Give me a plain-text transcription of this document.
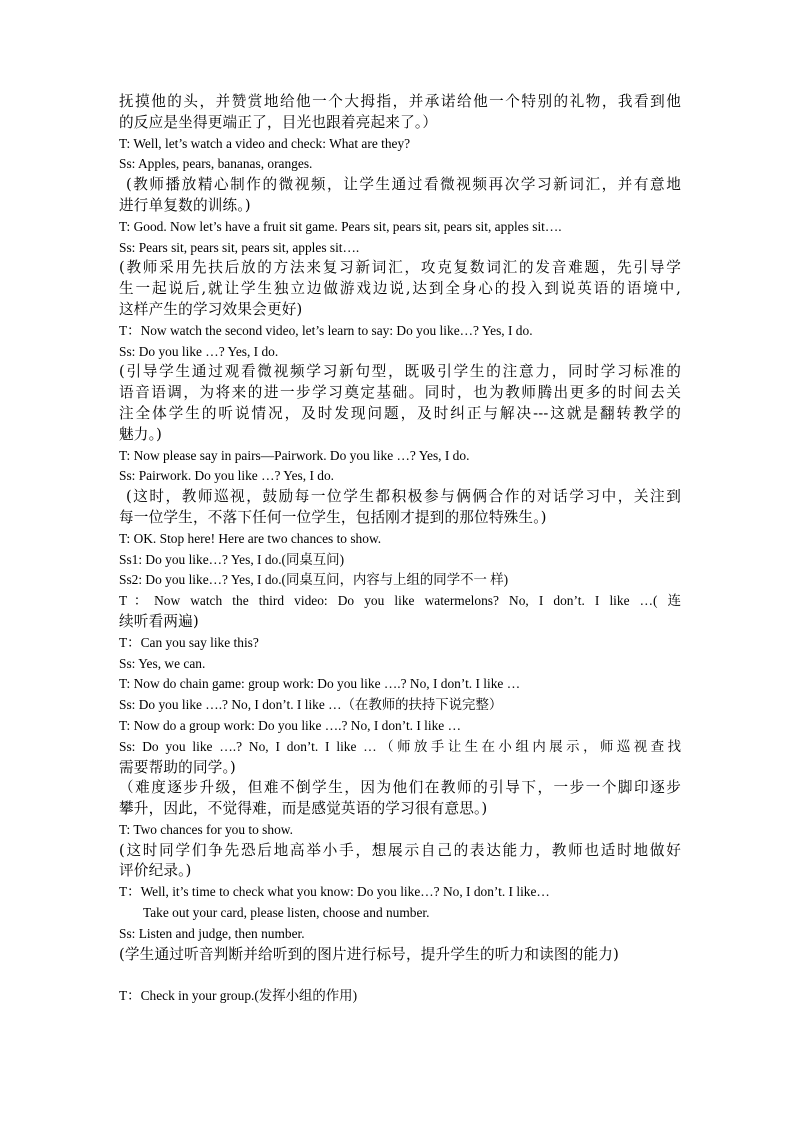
抚摸他的头，并赞赏地给他一个大拇指，并承诺给他一个特别的礼物，我看到他
的反应是坐得更端正了，目光也跟着亮起来了。）
T: Well, let’s watch a video and check: What are they?
Ss: Apples, pears, bananas, oranges.
(教师播放精心制作的微视频，让学生通过看微视频再次学习新词汇，并有意地
进行单复数的训练。)
T: Good. Now let’s have a fruit sit game. Pears sit, pears sit, pears sit, apples sit….
Ss: Pears sit, pears sit, pears sit, apples sit….
(教师采用先扶后放的方法来复习新词汇，攻克复数词汇的发音难题，先引导学
生一起说后,就让学生独立边做游戏边说,达到全身心的投入到说英语的语境中,
这样产生的学习效果会更好)
T：Now watch the second video, let’s learn to say: Do you like…? Yes, I do.
Ss: Do you like …? Yes, I do.
(引导学生通过观看微视频学习新句型，既吸引学生的注意力，同时学习标准的
语音语调，为将来的进一步学习奠定基础。同时，也为教师腾出更多的时间去关
注全体学生的听说情况，及时发现问题，及时纠正与解决---这就是翻转教学的
魅力。)
T: Now please say in pairs—Pairwork. Do you like …? Yes, I do.
Ss: Pairwork. Do you like …? Yes, I do.
(这时，教师巡视，鼓励每一位学生都积极参与俩俩合作的对话学习中，关注到
每一位学生，不落下任何一位学生，包括刚才提到的那位特殊生。)
T: OK. Stop here! Here are two chances to show.
Ss1: Do you like…? Yes, I do.(同桌互问)
Ss2: Do you like…? Yes, I do.(同桌互问，内容与上组的同学不一 样)
T：Now watch the third video: Do you like watermelons? No, I don’t. I like …( 连
续听看两遍)
T：Can you say like this?
Ss: Yes, we can.
T: Now do chain game: group work: Do you like ….? No, I don’t. I like …
Ss: Do you like ….? No, I don’t. I like …（在教师的扶持下说完整）
T: Now do a group work: Do you like ….? No, I don’t. I like …
Ss: Do you like ….? No, I don’t. I like …（师放手让生在小组内展示，师巡视查找
需要帮助的同学。)
（难度逐步升级，但难不倒学生，因为他们在教师的引导下，一步一个脚印逐步
攀升，因此，不觉得难，而是感觉英语的学习很有意思。)
T: Two chances for you to show.
(这时同学们争先恐后地高举小手，想展示自己的表达能力，教师也适时地做好
评价纪录。)
T：Well, it’s time to check what you know: Do you like…? No, I don’t. I like…
Take out your card, please listen, choose and number.
Ss: Listen and judge, then number.
(学生通过听音判断并给听到的图片进行标号，提升学生的听力和读图的能力)
T：Check in your group.(发挥小组的作用)
